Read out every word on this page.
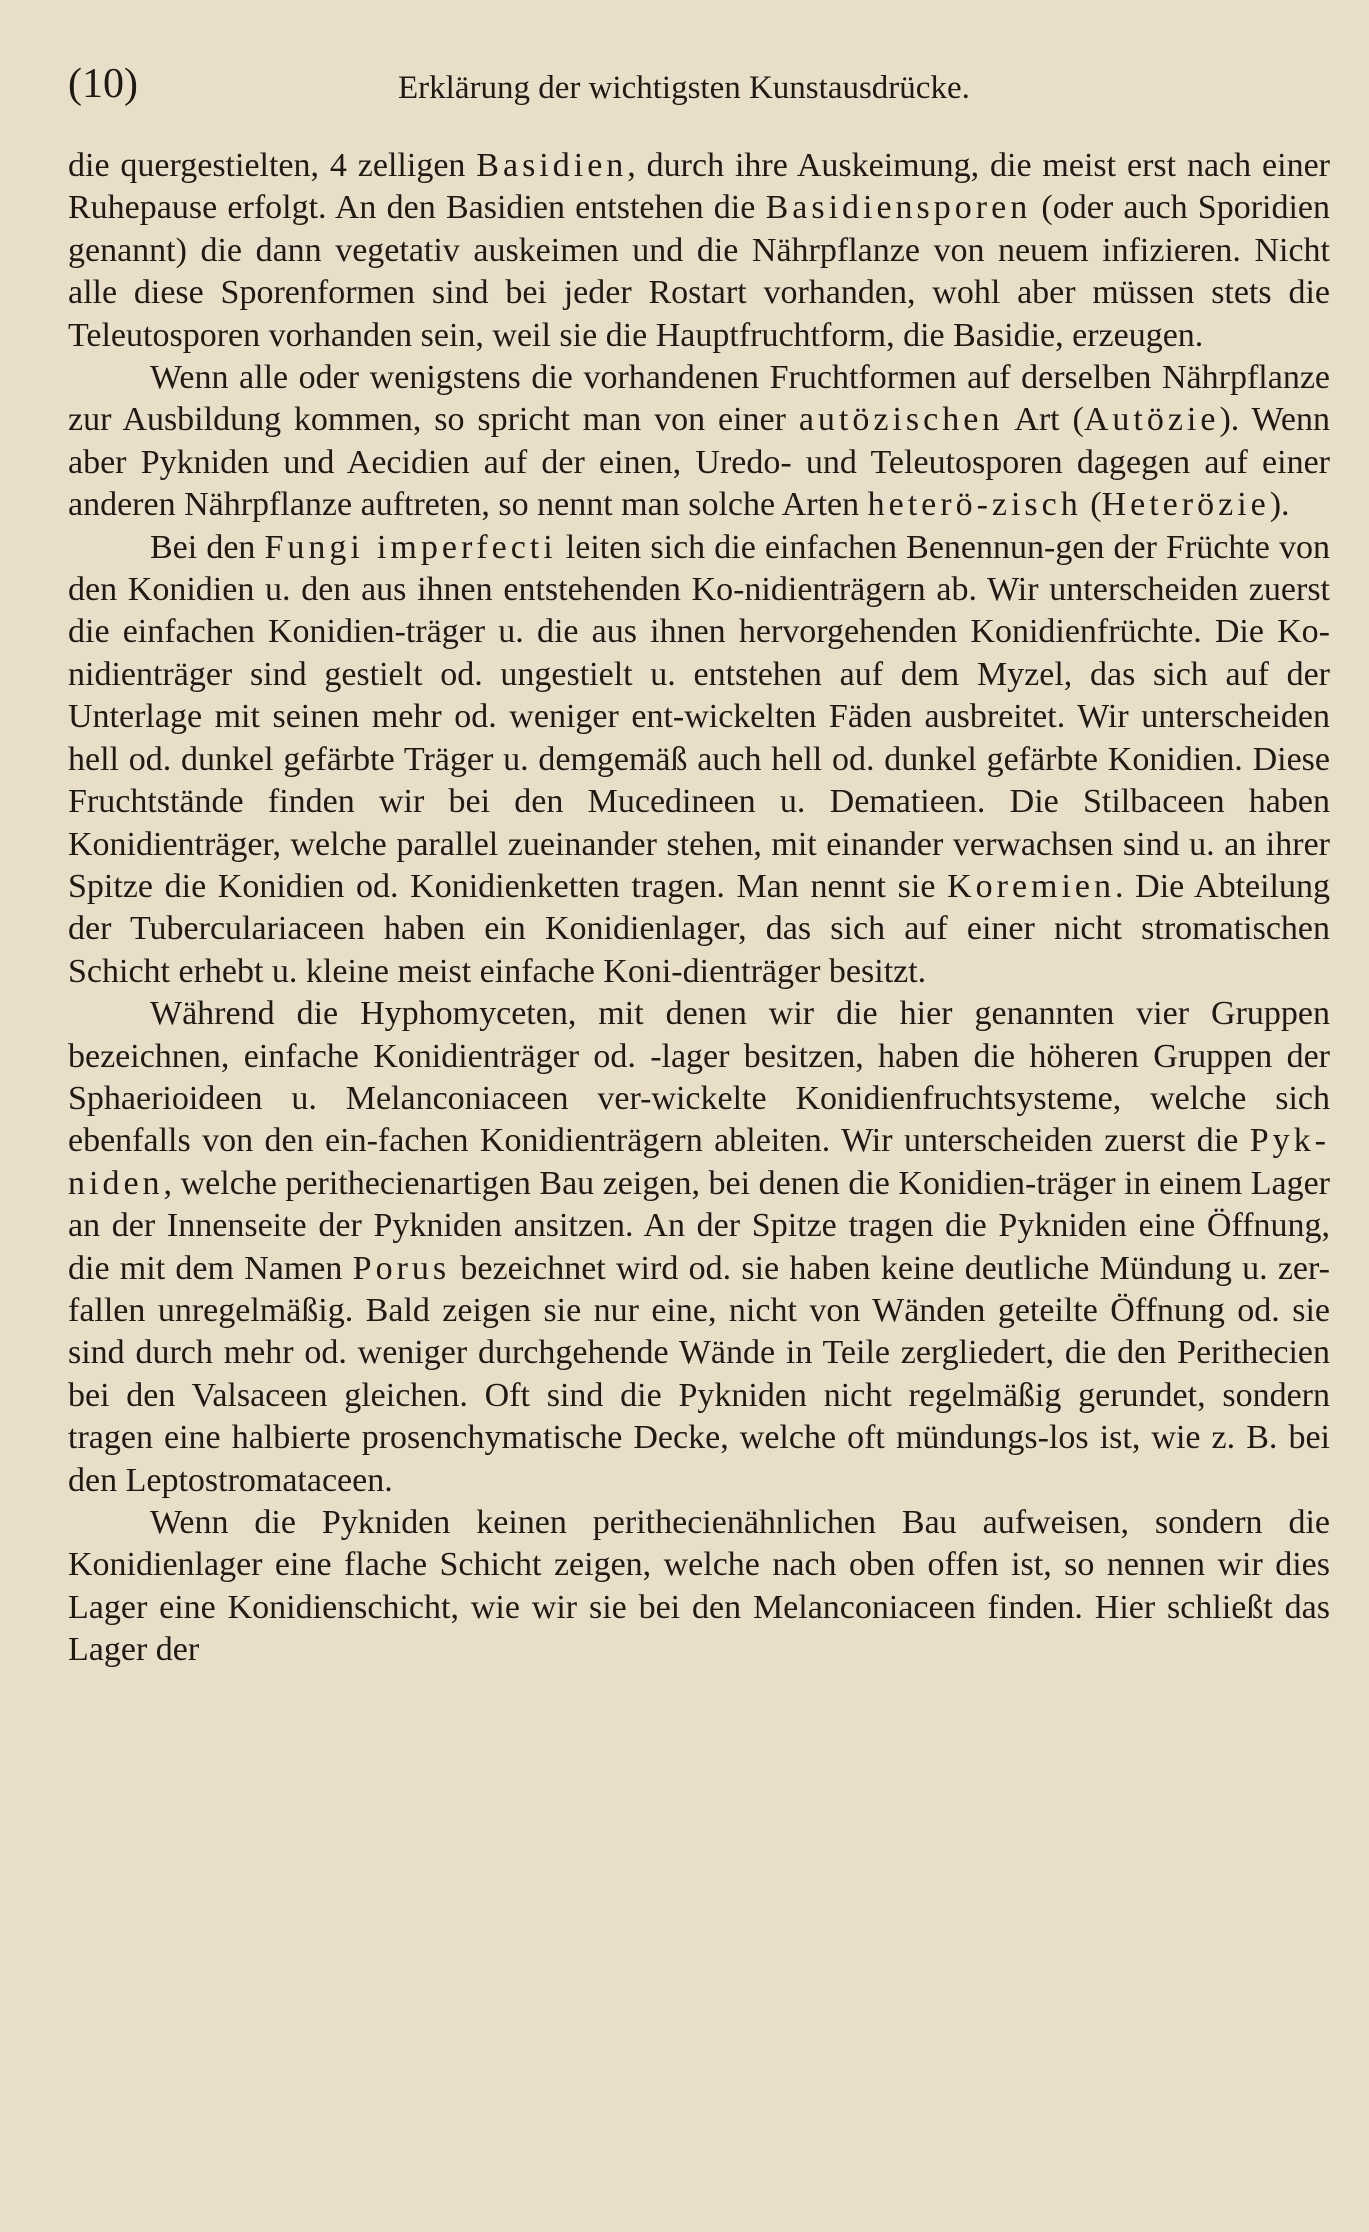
(10)	Erklärung der wichtigsten Kunstausdrücke.

die quergestielten, 4 zelligen Basidien, durch ihre Auskeimung, die meist erst nach einer Ruhepause erfolgt. An den Basidien entstehen die Basidiensporen (oder auch Sporidien genannt) die dann vegetativ auskeimen und die Nährpflanze von neuem infizieren. Nicht alle diese Sporenformen sind bei jeder Rostart vorhanden, wohl aber müssen stets die Teleutosporen vorhanden sein, weil sie die Hauptfruchtform, die Basidie, erzeugen.

Wenn alle oder wenigstens die vorhandenen Fruchtformen auf derselben Nährpflanze zur Ausbildung kommen, so spricht man von einer autözischen Art (Autözie). Wenn aber Pykniden und Aecidien auf der einen, Uredo- und Teleutosporen dagegen auf einer anderen Nährpflanze auftreten, so nennt man solche Arten heterö-zisch (Heterözie).

Bei den Fungi imperfecti leiten sich die einfachen Benennun-gen der Früchte von den Konidien u. den aus ihnen entstehenden Ko-nidienträgern ab. Wir unterscheiden zuerst die einfachen Konidien-träger u. die aus ihnen hervorgehenden Konidienfrüchte. Die Ko-nidienträger sind gestielt od. ungestielt u. entstehen auf dem Myzel, das sich auf der Unterlage mit seinen mehr od. weniger ent-wickelten Fäden ausbreitet. Wir unterscheiden hell od. dunkel gefärbte Träger u. demgemäß auch hell od. dunkel gefärbte Konidien. Diese Fruchtstände finden wir bei den Mucedineen u. Dematieen. Die Stilbaceen haben Konidienträger, welche parallel zueinander stehen, mit einander verwachsen sind u. an ihrer Spitze die Konidien od. Konidienketten tragen. Man nennt sie Koremien. Die Abteilung der Tuberculariaceen haben ein Konidienlager, das sich auf einer nicht stromatischen Schicht erhebt u. kleine meist einfache Koni-dienträger besitzt.

Während die Hyphomyceten, mit denen wir die hier genannten vier Gruppen bezeichnen, einfache Konidienträger od. -lager besitzen, haben die höheren Gruppen der Sphaerioideen u. Melanconiaceen ver-wickelte Konidienfruchtsysteme, welche sich ebenfalls von den ein-fachen Konidienträgern ableiten. Wir unterscheiden zuerst die Pyk-niden, welche perithecienartigen Bau zeigen, bei denen die Konidien-träger in einem Lager an der Innenseite der Pykniden ansitzen. An der Spitze tragen die Pykniden eine Öffnung, die mit dem Namen Porus bezeichnet wird od. sie haben keine deutliche Mündung u. zer-fallen unregelmäßig. Bald zeigen sie nur eine, nicht von Wänden geteilte Öffnung od. sie sind durch mehr od. weniger durchgehende Wände in Teile zergliedert, die den Perithecien bei den Valsaceen gleichen. Oft sind die Pykniden nicht regelmäßig gerundet, sondern tragen eine halbierte prosenchymatische Decke, welche oft mündungs-los ist, wie z. B. bei den Leptostromataceen.

Wenn die Pykniden keinen perithecienähnlichen Bau aufweisen, sondern die Konidienlager eine flache Schicht zeigen, welche nach oben offen ist, so nennen wir dies Lager eine Konidienschicht, wie wir sie bei den Melanconiaceen finden. Hier schließt das Lager der
